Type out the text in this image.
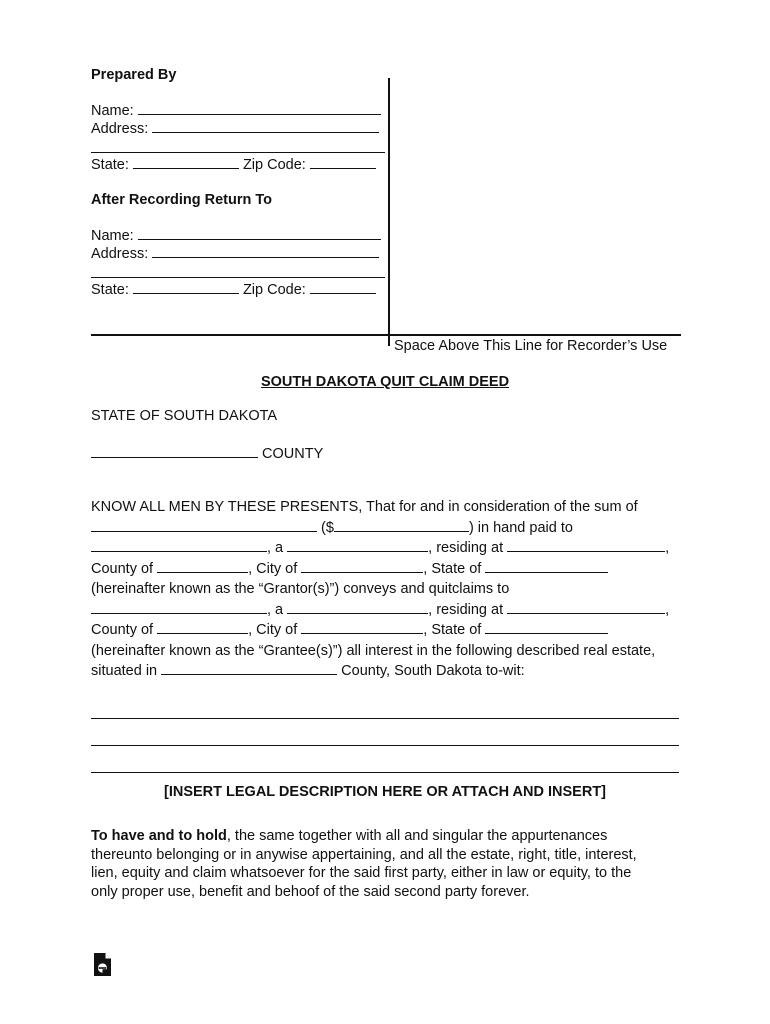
Prepared By
Name:
Address:
State:	Zip Code:
After Recording Return To
Name:
Address:
State:	Zip Code:
Space Above This Line for Recorder’s Use
SOUTH DAKOTA QUIT CLAIM DEED
STATE OF SOUTH DAKOTA
COUNTY
KNOW ALL MEN BY THESE PRESENTS, That for and in consideration of the sum of
($	) in hand paid to
, a	, residing at	,
County of	, City of	, State of
(hereinafter known as the “Grantor(s)”) conveys and quitclaims to
, a	, residing at	,
County of	, City of	, State of
(hereinafter known as the “Grantee(s)”) all interest in the following described real estate,
situated in	County, South Dakota to-wit:
[INSERT LEGAL DESCRIPTION HERE OR ATTACH AND INSERT]
To have and to hold, the same together with all and singular the appurtenances
thereunto belonging or in anywise appertaining, and all the estate, right, title, interest,
lien, equity and claim whatsoever for the said first party, either in law or equity, to the
only proper use, benefit and behoof of the said second party forever.
